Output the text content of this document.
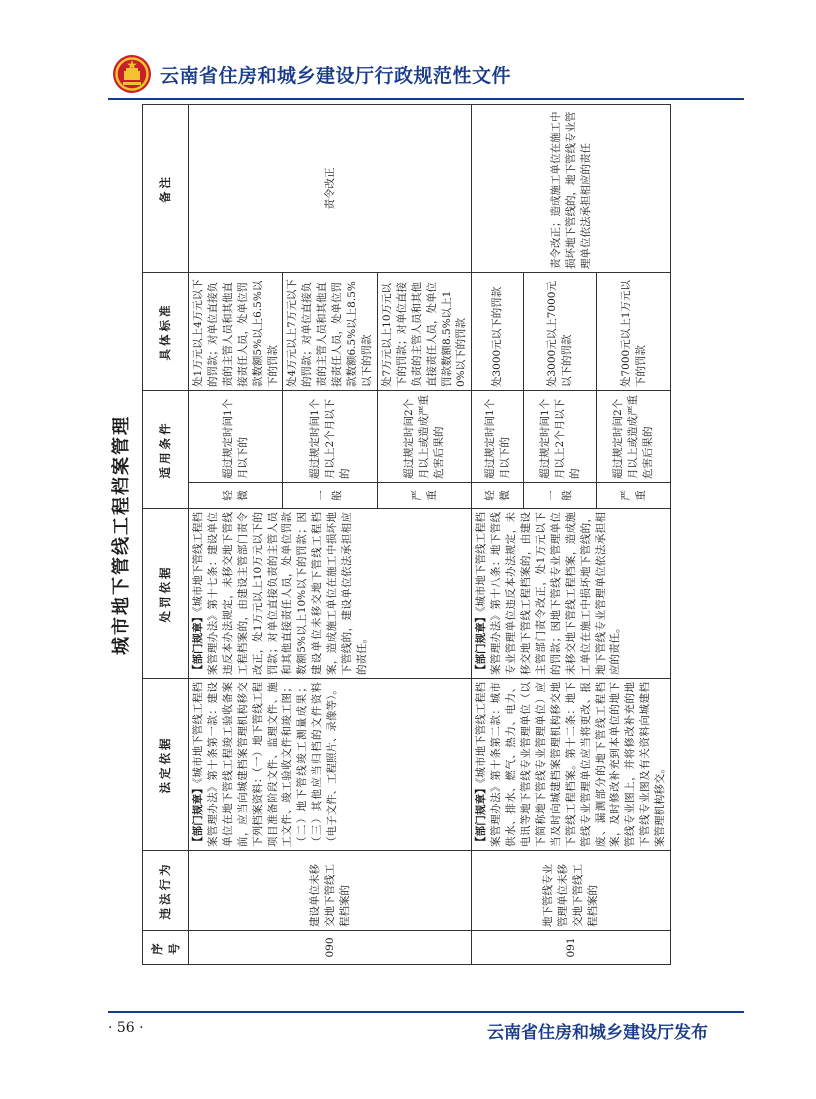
云南省住房和城乡建设厅行政规范性文件
城市地下管线工程档案管理
序号	违法行为	法定依据	处罚依据	适用条件		具体标准	备注
090	建设单位未移交地下管线工程档案的	【部门规章】《城市地下管线工程档案管理办法》第十条第一款：建设单位在地下管线工程竣工验收备案前，应当向城建档案管理机构移交下列档案资料：（一）地下管线工程项目准备阶段文件、监理文件、施工文件、竣工验收文件和竣工图；（二）地下管线竣工测量成果；（三）其他应当归档的文件资料（电子文件、工程照片、录像等）。	【部门规章】《城市地下管线工程档案管理办法》第十七条：建设单位违反本办法规定，未移交地下管线工程档案的，由建设主管部门责令改正，处1万元以上10万元以下的罚款；对单位直接负责的主管人员和其他直接责任人员，处单位罚款数额5%以上10%以下的罚款；因建设单位未移交地下管线工程档案，造成施工单位在施工中损坏地下管线的，建设单位依法承担相应的责任。	轻微	超过规定时间1个月以下的	处1万元以上4万元以下的罚款；对单位直接负责的主管人员和其他直接责任人员，处单位罚款数额5%以上6.5%以下的罚款	责令改正
				一般	超过规定时间1个月以上2个月以下的	处4万元以上7万元以下的罚款；对单位直接负责的主管人员和其他直接责任人员，处单位罚款数额6.5%以上8.5%以下的罚款	
				严重	超过规定时间2个月以上或造成严重危害后果的	处7万元以上10万元以下的罚款；对单位直接负责的主管人员和其他直接责任人员，处单位罚款数额8.5%以上10%以下的罚款	
091	地下管线专业管理单位未移交地下管线工程档案的	【部门规章】《城市地下管线工程档案管理办法》第十条第二款：城市供水、排水、燃气、热力、电力、电讯等地下管线专业管理单位（以下简称地下管线专业管理单位）应当及时向城建档案管理机构移交地下管线工程档案。第十二条：地下管线专业管理单位应当将更改、报废、漏测部分的地下管线工程档案，及时修改补充到本单位的地下管线专业图上，并将修改补充的地下管线专业图及有关资料向城建档案管理机构移交。	【部门规章】《城市地下管线工程档案管理办法》第十八条：地下管线专业管理单位违反本办法规定，未移交地下管线工程档案的，由建设主管部门责令改正，处1万元以下的罚款；因地下管线专业管理单位未移交地下管线工程档案，造成施工单位在施工中损坏地下管线的，地下管线专业管理单位依法承担相应的责任。	轻微	超过规定时间1个月以下的	处3000元以下的罚款	责令改正；造成施工单位在施工中损坏地下管线的，地下管线专业管理单位依法承担相应的责任
				一般	超过规定时间1个月以上2个月以下的	处3000元以上7000元以下的罚款	
				严重	超过规定时间2个月以上或造成严重危害后果的	处7000元以上1万元以下的罚款	
· 56 ·	云南省住房和城乡建设厅发布
